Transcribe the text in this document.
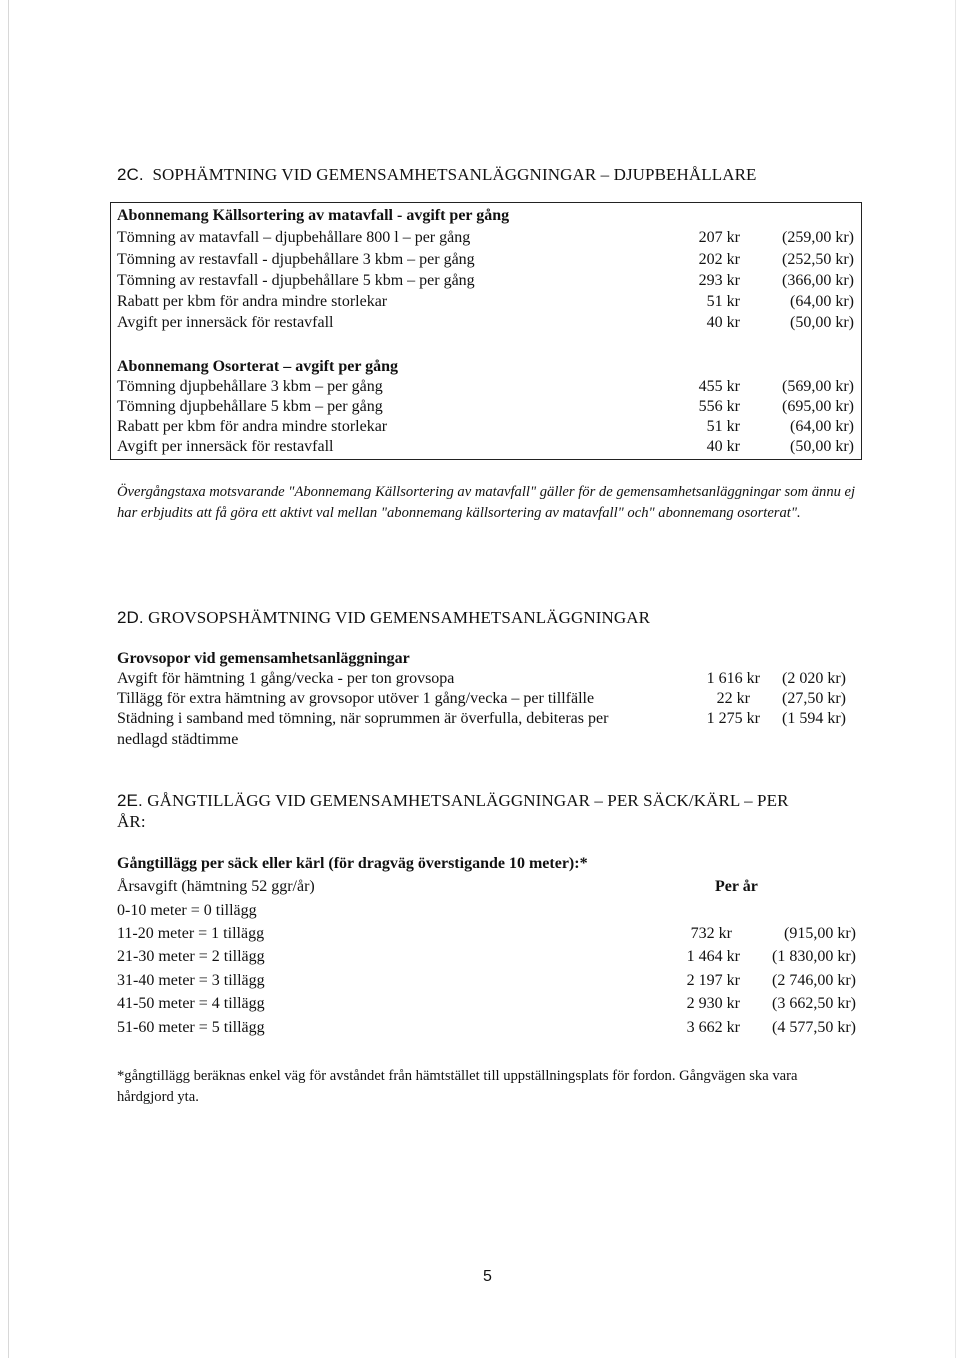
2C. SOPHÄMTNING VID GEMENSAMHETSANLÄGGNINGAR – DJUPBEHÅLLARE
Abonnemang Källsortering av matavfall - avgift per gång
Tömning av matavfall – djupbehållare 800 l – per gång	207 kr	(259,00 kr)
Tömning av restavfall - djupbehållare 3 kbm – per gång	202 kr	(252,50 kr)
Tömning av restavfall - djupbehållare 5 kbm – per gång	293 kr	(366,00 kr)
Rabatt per kbm för andra mindre storlekar	51 kr	(64,00 kr)
Avgift per innersäck för restavfall	40 kr	(50,00 kr)
Abonnemang Osorterat – avgift per gång
Tömning djupbehållare 3 kbm – per gång	455 kr	(569,00 kr)
Tömning djupbehållare 5 kbm – per gång	556 kr	(695,00 kr)
Rabatt per kbm för andra mindre storlekar	51 kr	(64,00 kr)
Avgift per innersäck för restavfall	40 kr	(50,00 kr)
Övergångstaxa motsvarande "Abonnemang Källsortering av matavfall" gäller för de gemensamhetsanläggningar som ännu ej har erbjudits att få göra ett aktivt val mellan "abonnemang källsortering av matavfall" och" abonnemang osorterat".
2D. GROVSOPSHÄMTNING VID GEMENSAMHETSANLÄGGNINGAR
Grovsopor vid gemensamhetsanläggningar
Avgift för hämtning 1 gång/vecka - per ton grovsopa	1 616 kr	(2 020 kr)
Tillägg för extra hämtning av grovsopor utöver 1 gång/vecka – per tillfälle	22 kr	(27,50 kr)
Städning i samband med tömning, när soprummen är överfulla, debiteras per	1 275 kr	(1 594 kr)
nedlagd städtimme
2E. GÅNGTILLÄGG VID GEMENSAMHETSANLÄGGNINGAR – PER SÄCK/KÄRL – PER
ÅR:
Gångtillägg per säck eller kärl (för dragväg överstigande 10 meter):*
Årsavgift (hämtning 52 ggr/år)	Per år
0-10 meter = 0 tillägg
11-20 meter = 1 tillägg	732 kr	(915,00 kr)
21-30 meter = 2 tillägg	1 464 kr	(1 830,00 kr)
31-40 meter = 3 tillägg	2 197 kr	(2 746,00 kr)
41-50 meter = 4 tillägg	2 930 kr	(3 662,50 kr)
51-60 meter = 5 tillägg	3 662 kr	(4 577,50 kr)
*gångtillägg beräknas enkel väg för avståndet från hämtstället till uppställningsplats för fordon. Gångvägen ska vara hårdgjord yta.
5
